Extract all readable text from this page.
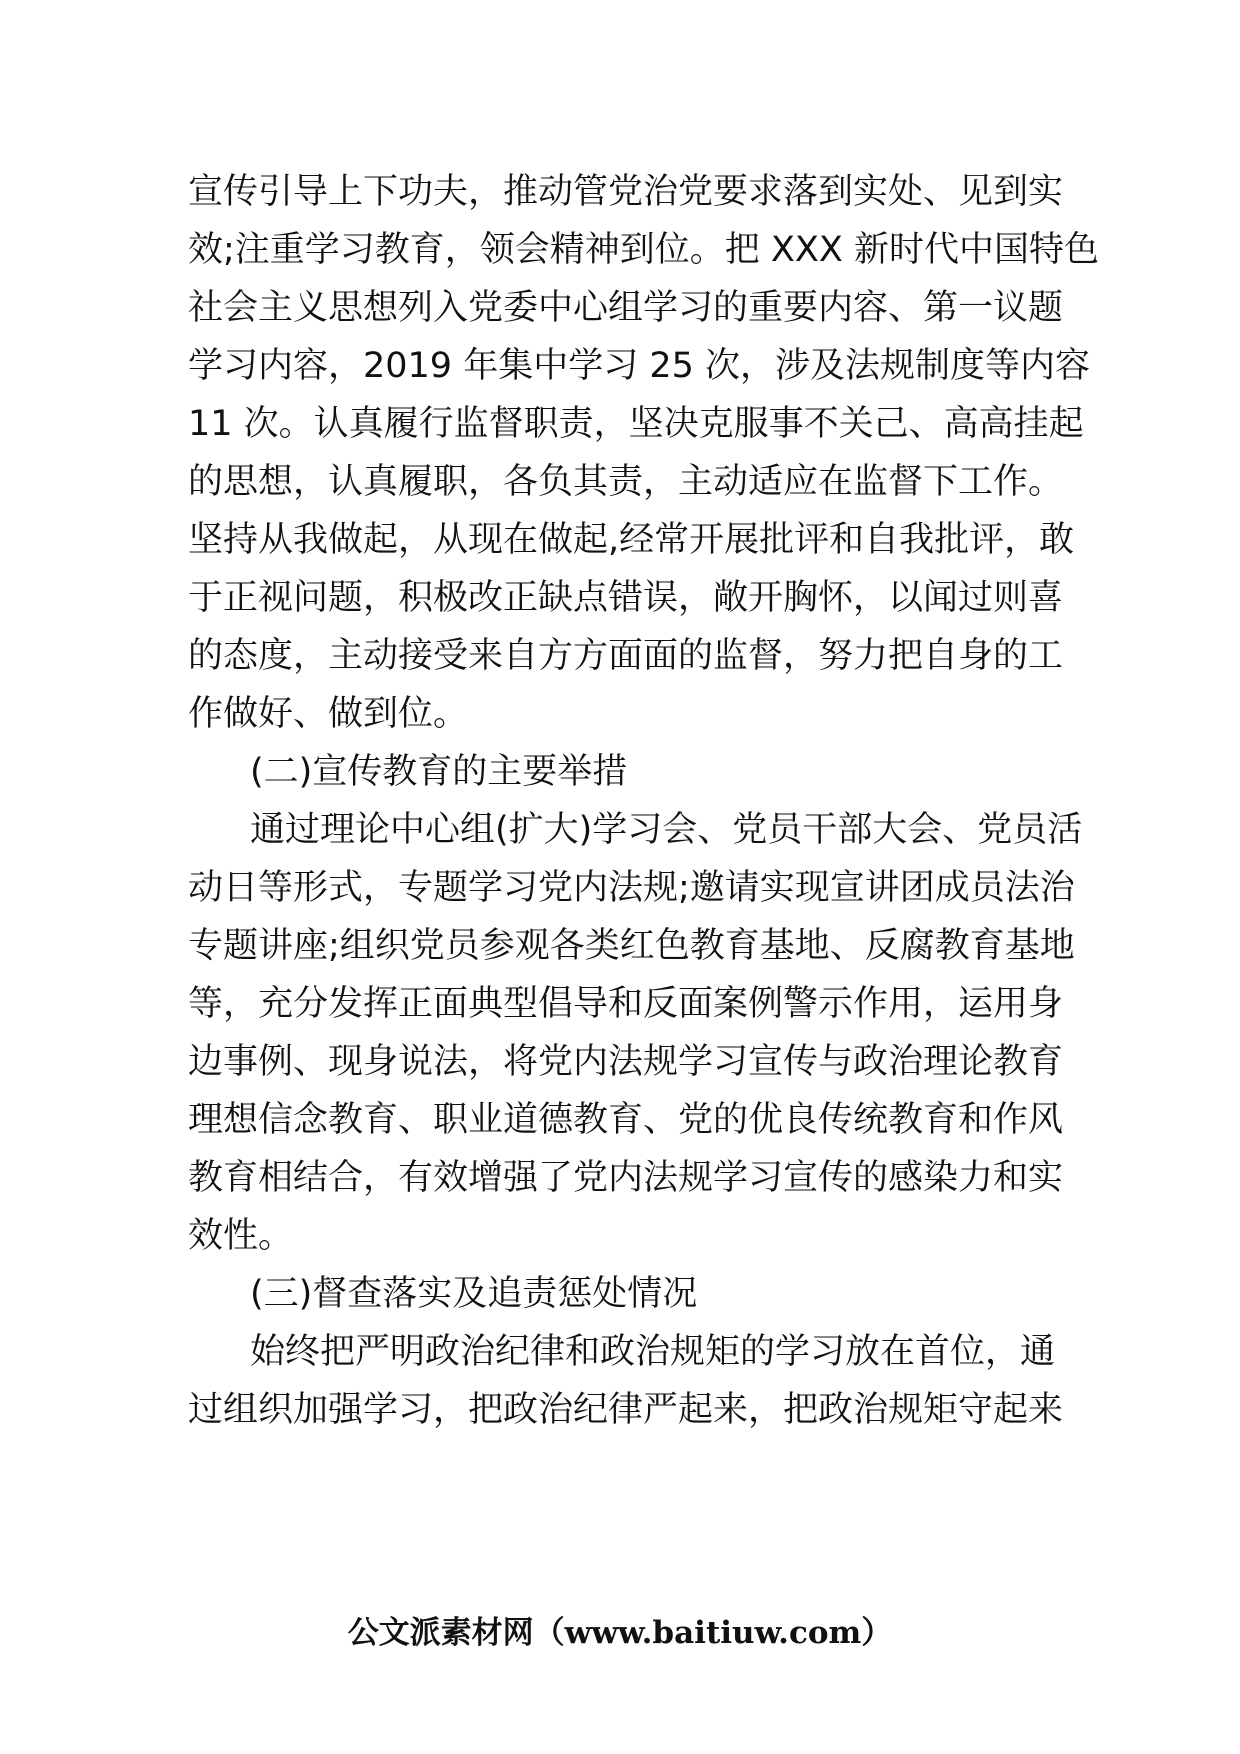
宣传引导上下功夫，推动管党治党要求落到实处、见到实
效;注重学习教育，领会精神到位。把 XXX 新时代中国特色
社会主义思想列入党委中心组学习的重要内容、第一议题
学习内容，2019 年集中学习 25 次，涉及法规制度等内容
11 次。认真履行监督职责，坚决克服事不关己、高高挂起
的思想，认真履职，各负其责，主动适应在监督下工作。
坚持从我做起，从现在做起,经常开展批评和自我批评，敢
于正视问题，积极改正缺点错误，敞开胸怀，以闻过则喜
的态度，主动接受来自方方面面的监督，努力把自身的工
作做好、做到位。
(二)宣传教育的主要举措
通过理论中心组(扩大)学习会、党员干部大会、党员活
动日等形式，专题学习党内法规;邀请实现宣讲团成员法治
专题讲座;组织党员参观各类红色教育基地、反腐教育基地
等，充分发挥正面典型倡导和反面案例警示作用，运用身
边事例、现身说法，将党内法规学习宣传与政治理论教育
理想信念教育、职业道德教育、党的优良传统教育和作风
教育相结合，有效增强了党内法规学习宣传的感染力和实
效性。
(三)督查落实及追责惩处情况
始终把严明政治纪律和政治规矩的学习放在首位，通
过组织加强学习，把政治纪律严起来，把政治规矩守起来
公文派素材网（www.baitiuw.com）
